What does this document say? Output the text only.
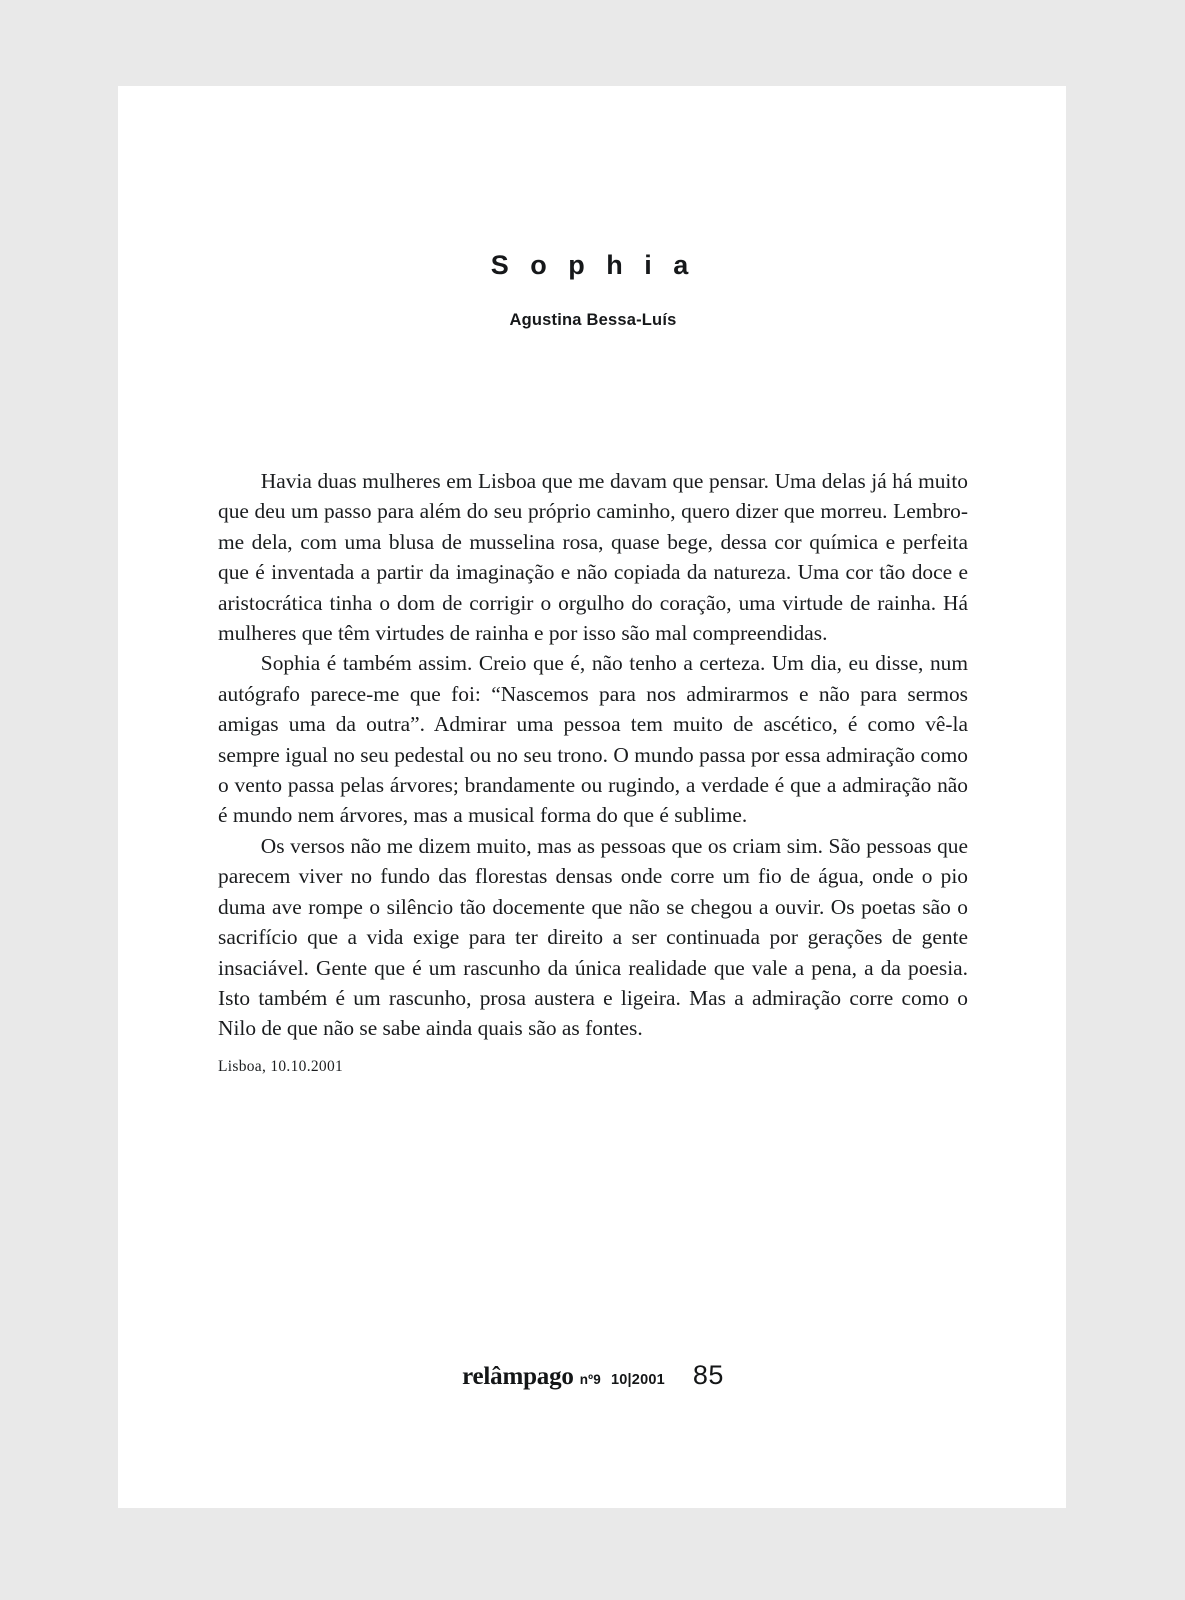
S o p h i a
Agustina Bessa-Luís

Havia duas mulheres em Lisboa que me davam que pensar. Uma delas já há muito que deu um passo para além do seu próprio caminho, quero dizer que morreu. Lembro-me dela, com uma blusa de musselina rosa, quase bege, dessa cor química e perfeita que é inventada a partir da imaginação e não copiada da natureza. Uma cor tão doce e aristocrática tinha o dom de corrigir o orgulho do coração, uma virtude de rainha. Há mulheres que têm virtudes de rainha e por isso são mal compreendidas.

Sophia é também assim. Creio que é, não tenho a certeza. Um dia, eu disse, num autógrafo parece-me que foi: “Nascemos para nos admirarmos e não para sermos amigas uma da outra”. Admirar uma pessoa tem muito de ascético, é como vê-la sempre igual no seu pedestal ou no seu trono. O mundo passa por essa admiração como o vento passa pelas árvores; brandamente ou rugindo, a verdade é que a admiração não é mundo nem árvores, mas a musical forma do que é sublime.

Os versos não me dizem muito, mas as pessoas que os criam sim. São pessoas que parecem viver no fundo das florestas densas onde corre um fio de água, onde o pio duma ave rompe o silêncio tão docemente que não se chegou a ouvir. Os poetas são o sacrifício que a vida exige para ter direito a ser continuada por gerações de gente insaciável. Gente que é um rascunho da única realidade que vale a pena, a da poesia. Isto também é um rascunho, prosa austera e ligeira. Mas a admiração corre como o Nilo de que não se sabe ainda quais são as fontes.

Lisboa, 10.10.2001
relâmpago nº9 10|2001 85
